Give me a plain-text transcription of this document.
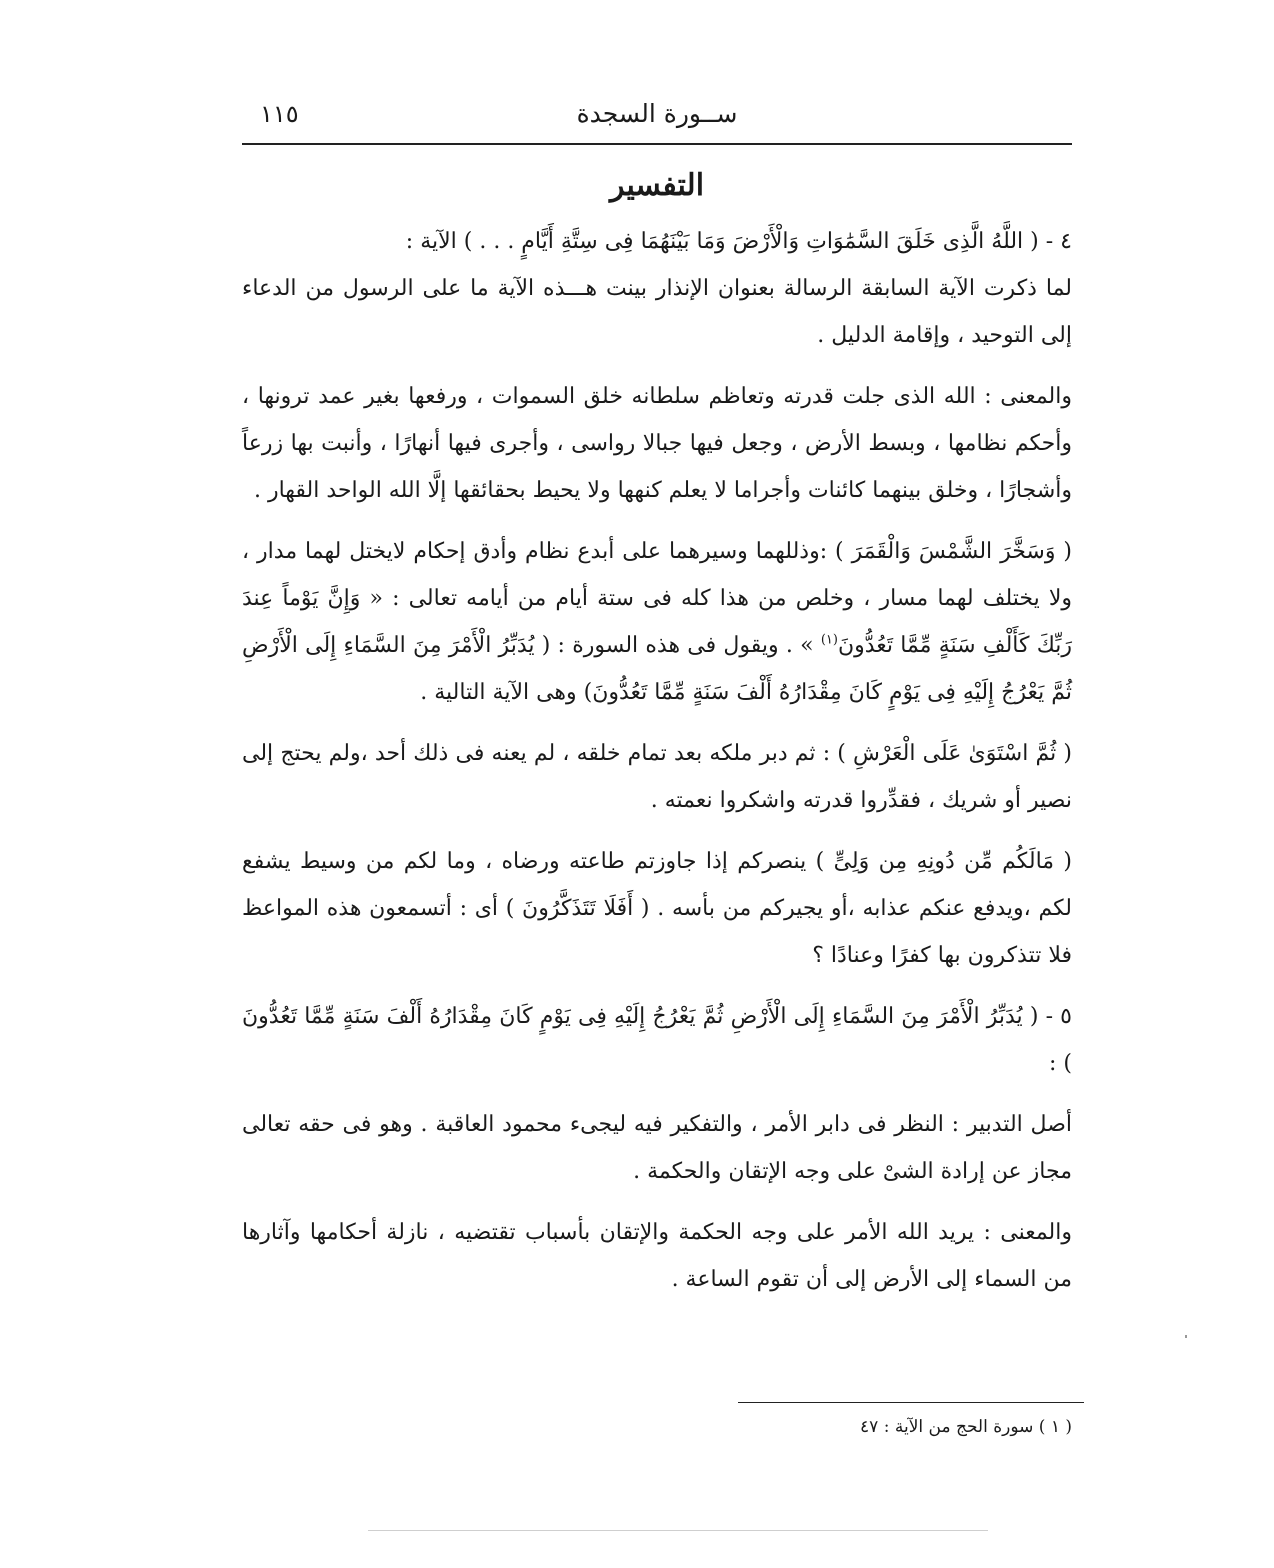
ســورة السجدة
١١٥
التفسير

٤ - ( اللَّهُ الَّذِى خَلَقَ السَّمَٰوَاتِ وَالْأَرْضَ وَمَا بَيْنَهُمَا فِى سِتَّةِ أَيَّامٍ . . . ) الآية :

لما ذكرت الآية السابقة الرسالة بعنوان الإنذار بينت هـــذه الآية ما على الرسول من الدعاء إلى التوحيد ، وإقامة الدليل .

والمعنى : الله الذى جلت قدرته وتعاظم سلطانه خلق السموات ، ورفعها بغير عمد ترونها ، وأحكم نظامها ، وبسط الأرض ، وجعل فيها جبالا رواسى ، وأجرى فيها أنهارًا ، وأنبت بها زرعاً وأشجارًا ، وخلق بينهما كائنات وأجراما لا يعلم كنهها ولا يحيط بحقائقها إلَّا الله الواحد القهار .

( وَسَخَّرَ الشَّمْسَ وَالْقَمَرَ ) :وذللهما وسيرهما على أبدع نظام وأدق إحكام لايختل لهما مدار ، ولا يختلف لهما مسار ، وخلص من هذا كله فى ستة أيام من أيامه تعالى : « وَإِنَّ يَوْماً عِندَ رَبِّكَ كَأَلْفِ سَنَةٍ مِّمَّا تَعُدُّونَ$^{(١)}$ » . ويقول فى هذه السورة : ( يُدَبِّرُ الْأَمْرَ مِنَ السَّمَاءِ إِلَى الْأَرْضِ ثُمَّ يَعْرُجُ إِلَيْهِ فِى يَوْمٍ كَانَ مِقْدَارُهُ أَلْفَ سَنَةٍ مِّمَّا تَعُدُّونَ) وهى الآية التالية .

( ثُمَّ اسْتَوَىٰ عَلَى الْعَرْشِ ) : ثم دبر ملكه بعد تمام خلقه ، لم يعنه فى ذلك أحد ،ولم يحتج إلى نصير أو شريك ، فقدِّروا قدرته واشكروا نعمته .

( مَالَكُم مِّن دُونِهِ مِن وَلِىٍّ ) ينصركم إذا جاوزتم طاعته ورضاه ، وما لكم من وسيط يشفع لكم ،ويدفع عنكم عذابه ،أو يجيركم من بأسه . ( أَفَلَا تَتَذَكَّرُونَ ) أى : أتسمعون هذه المواعظ فلا تتذكرون بها كفرًا وعنادًا ؟

٥ - ( يُدَبِّرُ الْأَمْرَ مِنَ السَّمَاءِ إِلَى الْأَرْضِ ثُمَّ يَعْرُجُ إِلَيْهِ فِى يَوْمٍ كَانَ مِقْدَارُهُ أَلْفَ سَنَةٍ مِّمَّا تَعُدُّونَ ) :

أصل التدبير : النظر فى دابر الأمر ، والتفكير فيه ليجىء محمود العاقبة . وهو فى حقه تعالى مجاز عن إرادة الشىْ على وجه الإتقان والحكمة .

والمعنى : يريد الله الأمر على وجه الحكمة والإتقان بأسباب تقتضيه ، نازلة أحكامها وآثارها من السماء إلى الأرض إلى أن تقوم الساعة .

( ١ ) سورة الحج من الآية : ٤٧
